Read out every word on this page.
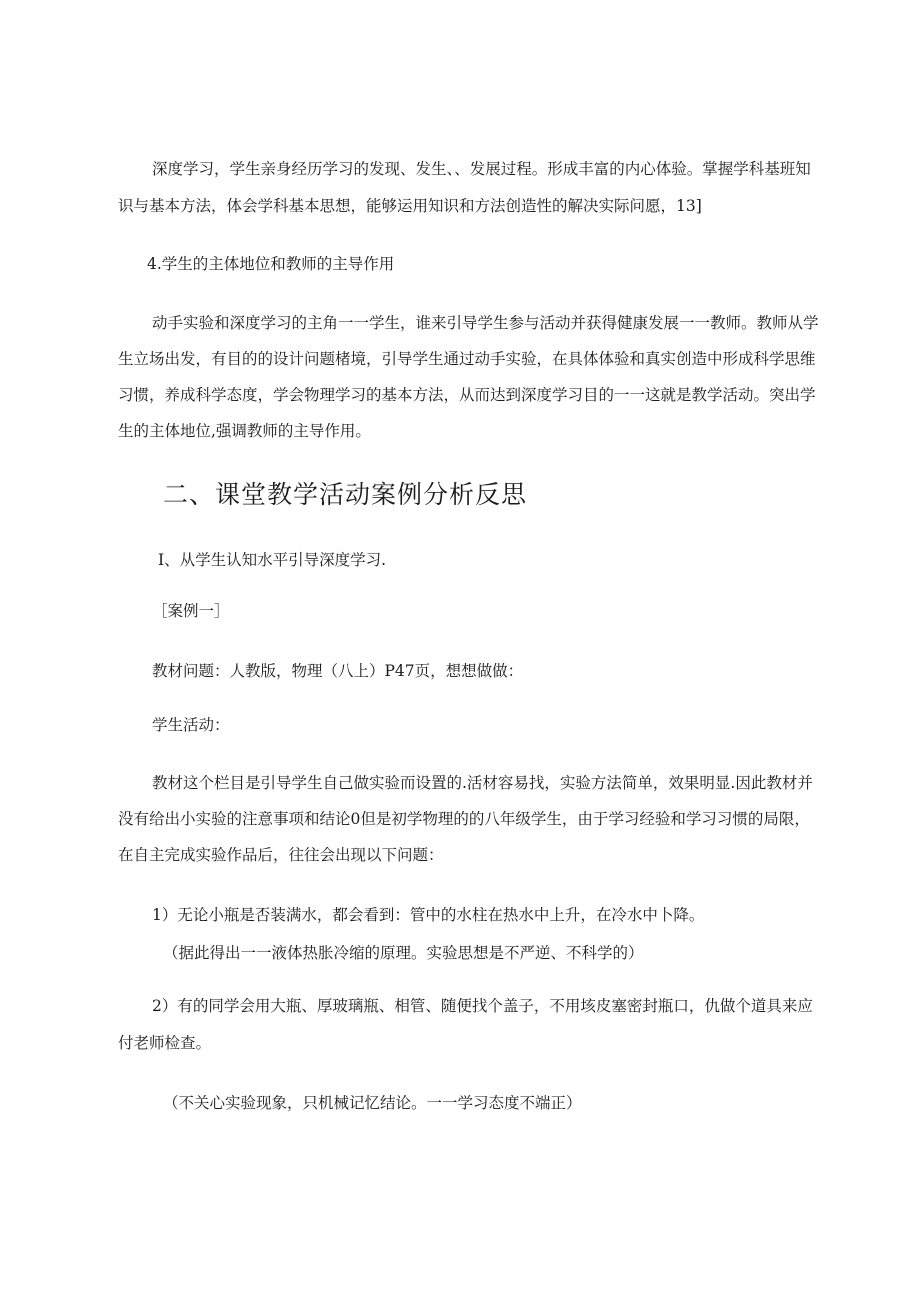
深度学习，学生亲身经历学习的发现、发生、、发展过程。形成丰富的内心体验。掌握学科基班知
识与基本方法，体会学科基本思想，能够运用知识和方法创造性的解决实际问愿，13]
4.学生的主体地位和教师的主导作用
动手实验和深度学习的主角一一学生，谁来引导学生参与活动并获得健康发展一一教师。教师从学
生立场出发，有目的的设计问题楮境，引导学生通过动手实验，在具体体验和真实创造中形成科学思维
习惯，养成科学态度，学会物理学习的基本方法，从而达到深度学习目的一一这就是教学活动。突出学
生的主体地位,强调教师的主导作用。
二、课堂教学活动案例分析反思
I、从学生认知水平引导深度学习.
［案例一］
教材问题：人教版，物理（八上）P47页，想想做做：
学生活动：
教材这个栏目是引导学生自己做实验而设置的.活材容易找，实验方法简单，效果明显.因此教材并
没有给出小实验的注意事项和结论0但是初学物理的的八年级学生，由于学习经验和学习习惯的局限，
在自主完成实验作品后，往往会出现以下问题：
1）无论小瓶是否装满水，都会看到：管中的水柱在热水中上升，在冷水中卜降。
（据此得出一一液体热胀冷缩的原理。实验思想是不严逆、不科学的）
2）有的同学会用大瓶、厚玻璃瓶、相管、随便找个盖子，不用垓皮塞密封瓶口，仇做个道具来应
付老师检查。
（不关心实验现象，只机械记忆结论。一一学习态度不端正）
